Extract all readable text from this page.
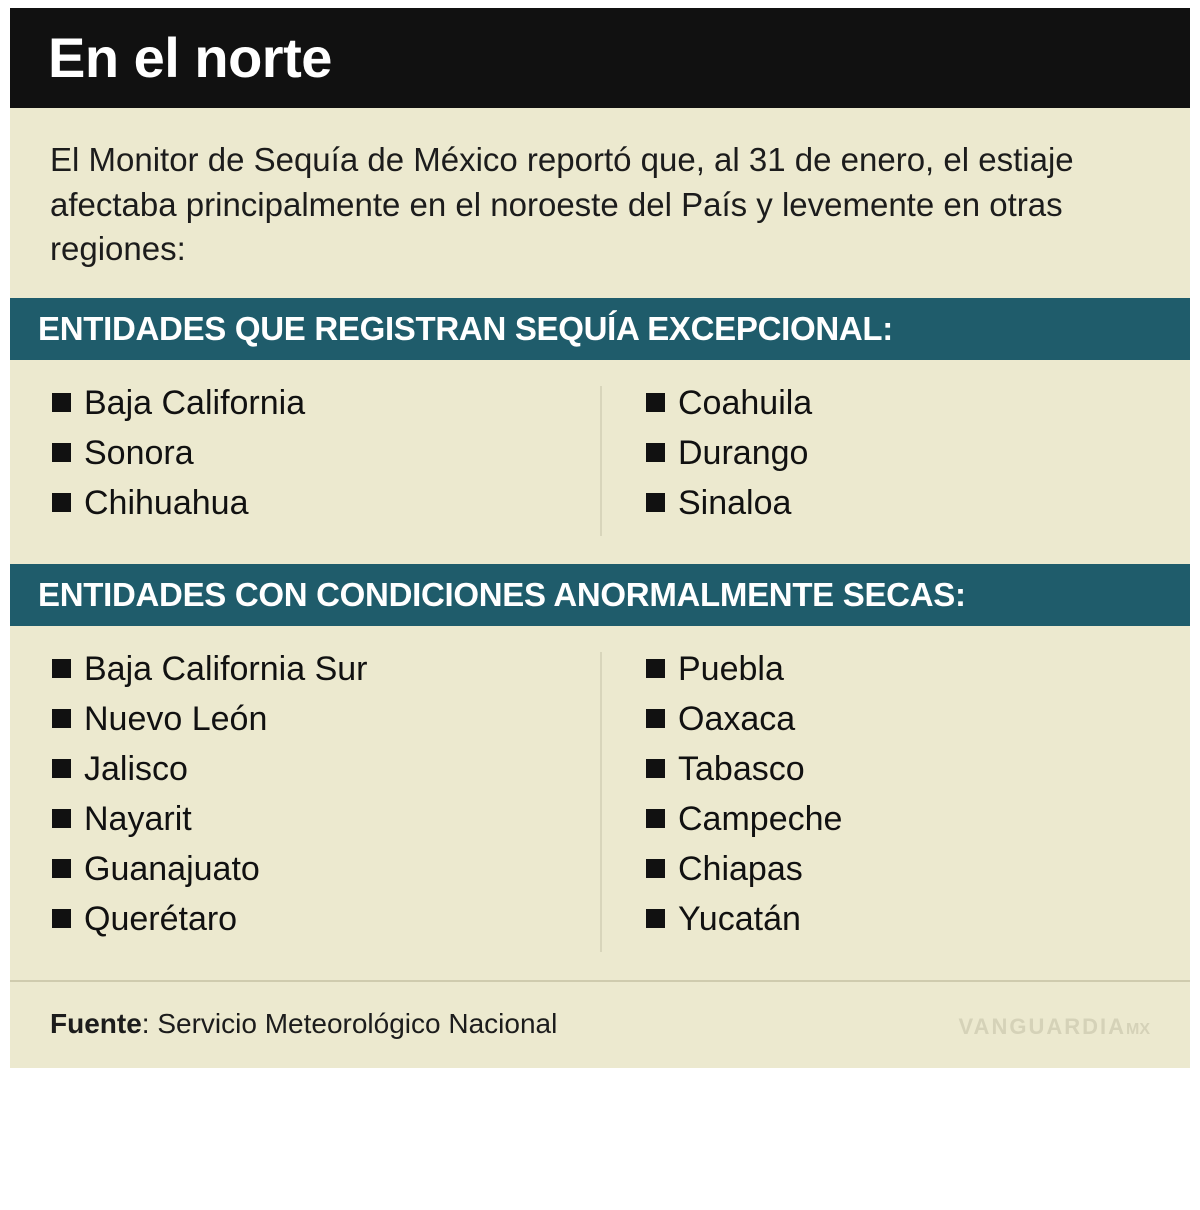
En el norte
El Monitor de Sequía de México reportó que, al 31 de enero, el estiaje afectaba principalmente en el noroeste del País y levemente en otras regiones:
ENTIDADES QUE REGISTRAN SEQUÍA EXCEPCIONAL:
Baja California
Sonora
Chihuahua
Coahuila
Durango
Sinaloa
ENTIDADES CON CONDICIONES ANORMALMENTE SECAS:
Baja California Sur
Nuevo León
Jalisco
Nayarit
Guanajuato
Querétaro
Puebla
Oaxaca
Tabasco
Campeche
Chiapas
Yucatán
Fuente: Servicio Meteorológico Nacional	VANGUARDIAMX
